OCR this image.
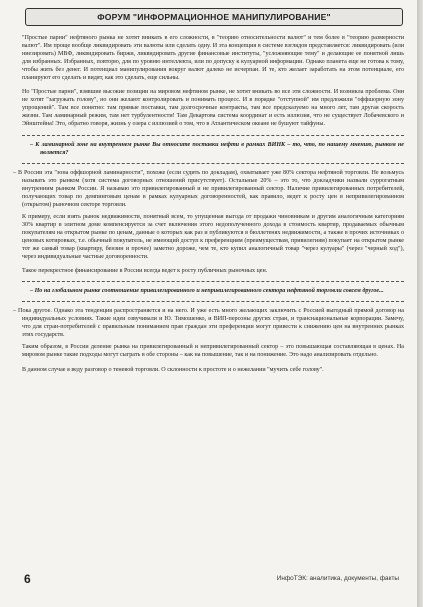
ФОРУМ "ИНФОРМАЦИОННОЕ МАНИПУЛИРОВАНИЕ"

"Простые парни" нефтяного рынка не хотят вникать в его сложности, в "теорию относительности валют" и тем более в "теорию размерности валют". Им проще вообще ликвидировать эти валюты или сделать одну. И эта концепция в системе взглядов представляется: ликвидировать (или ниезировать) МВФ, ликвидировать биржи, ликвидировать другие финансовые институты, "усложняющие тему" и делающие ее понятной лишь для избранных. Избранных, повторю, для по уровню интеллекта, или по допуску к кулуарной информации. Однако планета еще не готова к тому, чтобы жить без денег. И потенциал манипулирования вокруг валют далеко не исчерпан. И те, кто желает заработать на этом потенциале, его планируют его сделать и видят, как это сделать, еще сильны.

Но "Простые парни", взявшие высокие позиции на мировом нефтяном рынке, не хотят вникать во все эти сложности. И возникла проблема. Они не хотят "загружать голову", но они желают контролировать и понимать процесс. И в порядке "отступной" им предложили "оффшорную зону упрощений". Там все понятно: там прямые поставки, там долгосрочные контракты, там все предсказуемо на много лет, там другая скорость жизни. Там ламинарный режим, там нет турбулентности! Там Декартова система координат и есть иллюзия, что не существует Лобачевского и Эйнштейна! Это, обратно говоря, жизнь у озера с иллюзией о том, что в Атлантическом океане не бушуют тайфуны.

– К ламинарной зоне на внутреннем рынке Вы относите поставки нефти в рамках ВИНК – то, что, по нашему мнению, рынком не является?

– В России эта "зона оффшорной ламинарности", похоже (если судить по докладам), охватывает уже 80% сектора нефтяной торговли. Не возьмусь называть это рынком (хотя система договорных отношений присутствует). Остальные 20% – это то, что докладчики назвали суррогатным внутренним рынком России. Я называю это привилегированный и не привилегированный сектор. Наличие привилегированных потребителей, получающих товар по демпинговым ценам в рамках кулуарных договоренностей, как правило, ведет к росту цен в непривилегированном (открытом) рыночном секторе торговли.

К примеру, если взять рынок недвижимости, понятный всем, то упущенная выгода от продажи чиновникам и другим аналогичным категориям 30% квартир в элитном доме компенсируется за счет включения этого недополученного дохода в стоимость квартир, продаваемых обычным покупателям на открытом рынке по ценам, данные о которых как раз и публикуются в бюллетенях недвижимости, а также в прочих источниках о ценовых котировках, т.е. обычный покупатель, не имеющий доступ к преференциям (преимуществам, привилегиям) покупает на открытом рынке тот же самый товар (квартиру, бензин и прочее) заметно дороже, чем те, кто купил аналогичный товар "через кулуары" (через "черный ход"), через индивидуальные частные договоренности.

Такое перекрестное финансирование в России всегда ведет к росту публичных рыночных цен.

– Но на глобальном рынке соотношение привилегированного и непривилегированного сектора нефтяной торговли совсем другое...

– Пока другое. Однако эта тенденция распространяется и на него. И уже есть много желающих заключить с Россией выгодный прямой договор на индивидуальных условиях. Такие идеи озвучивали и Ю. Тимошенко, и ВИП-персоны других стран, и транснациональные корпорации. Замечу, что для стран-потребителей с правильным пониманием прав граждан эти преференции могут привести к снижению цен на внутренних рынках этих государств.

Таким образом, в России деление рынка на привилегированный и непривилегированный сектор – это повышающая составляющая в ценах. На мировом рынке такие подходы могут сыграть в обе стороны – как на повышение, так и на понижение. Это надо анализировать отдельно.

В данном случае я веду разговор о теневой торговли. О склонности к простоте и о нежелании "мучить себе голову".

6	ИнфоТЭК: аналитика, документы, факты
